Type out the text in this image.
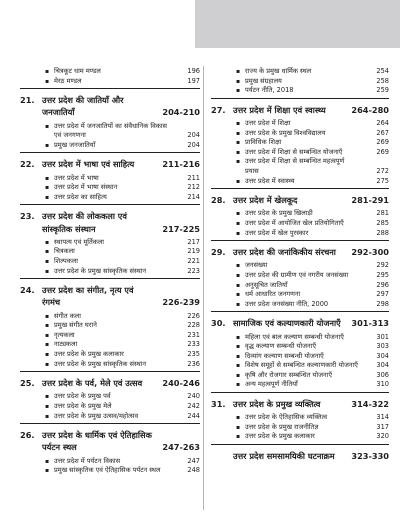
▪ चित्रकूट धाम मण्डल	196
▪ मेरठ मण्डल	197
21. उत्तर प्रदेश की जातियाँ और जनजातियाँ	204-210
▪ उत्तर प्रदेश में जनजातियों का संवैधानिक विकास एवं जनगणना	204
▪ प्रमुख जनजातियाँ	204
22. उत्तर प्रदेश में भाषा एवं साहित्य	211-216
▪ उत्तर प्रदेश में भाषा	211
▪ उत्तर प्रदेश में भाषा संस्थान	212
▪ उत्तर प्रदेश का साहित्य	214
23. उत्तर प्रदेश की लोककला एवं सांस्कृतिक संस्थान	217-225
▪ स्थापत्य एवं मूर्तिकला	217
▪ चित्रकला	219
▪ शिल्पकला	221
▪ उत्तर प्रदेश के प्रमुख सांस्कृतिक संस्थान	223
24. उत्तर प्रदेश का संगीत, नृत्य एवं रंगमंच	226-239
▪ संगीत कला	226
▪ प्रमुख संगीत घराने	228
▪ नृत्यकला	231
▪ नाट्यकला	233
▪ उत्तर प्रदेश के प्रमुख कलाकार	235
▪ उत्तर प्रदेश के प्रमुख सांस्कृतिक संस्थान	236
25. उत्तर प्रदेश के पर्व, मेले एवं उत्सव	240-246
▪ उत्तर प्रदेश के प्रमुख पर्व	240
▪ उत्तर प्रदेश के प्रमुख मेले	242
▪ उत्तर प्रदेश के प्रमुख उत्सव/महोत्सव	244
26. उत्तर प्रदेश के धार्मिक एवं ऐतिहासिक पर्यटन स्थल	247-263
▪ उत्तर प्रदेश में पर्यटन विकास	247
▪ प्रमुख सांस्कृतिक एवं ऐतिहासिक पर्यटन स्थल	248
▪ राज्य के प्रमुख धार्मिक स्थल	254
▪ प्रमुख संग्रहालय	258
▪ पर्यटन नीति, 2018	259
27. उत्तर प्रदेश में शिक्षा एवं स्वास्थ्य	264-280
▪ उत्तर प्रदेश में शिक्षा	264
▪ उत्तर प्रदेश के प्रमुख विश्वविद्यालय	267
▪ प्राविधिक शिक्षा	269
▪ उत्तर प्रदेश में शिक्षा से सम्बन्धित योजनाएँ	269
▪ उत्तर प्रदेश में शिक्षा से सम्बन्धित महत्वपूर्ण प्रयास	272
▪ उत्तर प्रदेश में स्वास्थ्य	275
28. उत्तर प्रदेश में खेलकूद	281-291
▪ उत्तर प्रदेश के प्रमुख खिलाड़ी	281
▪ उत्तर प्रदेश में आयोजित खेल प्रतियोगिताएँ	285
▪ उत्तर प्रदेश में खेल पुरस्कार	288
29. उत्तर प्रदेश की जनांकिकीय संरचना	292-300
▪ जनसंख्या	292
▪ उत्तर प्रदेश की ग्रामीण एवं नगरीय जनसंख्या	295
▪ अनुसूचित जातियाँ	296
▪ धर्म आधारित जनगणना	297
▪ उत्तर प्रदेश जनसंख्या नीति, 2000	298
30. सामाजिक एवं कल्याणकारी योजनाएँ	301-313
▪ महिला एवं बाल कल्याण सम्बन्धी योजनाएँ	301
▪ वृद्ध कल्याण सम्बन्धी योजनाएँ	303
▪ दिव्यांग कल्याण सम्बन्धी योजनाएँ	304
▪ विशेष समूहों से सम्बन्धित कल्याणकारी योजनाएँ	304
▪ कृषि और रोजगार सम्बन्धित योजनाएँ	306
▪ अन्य महत्वपूर्ण नीतियाँ	310
31. उत्तर प्रदेश के प्रमुख व्यक्तित्व	314-322
▪ उत्तर प्रदेश के ऐतिहासिक व्यक्तित्व	314
▪ उत्तर प्रदेश के प्रमुख राजनीतिज्ञ	317
▪ उत्तर प्रदेश के प्रमुख कलाकार	320
उत्तर प्रदेश समसामयिकी घटनाक्रम	323-330
